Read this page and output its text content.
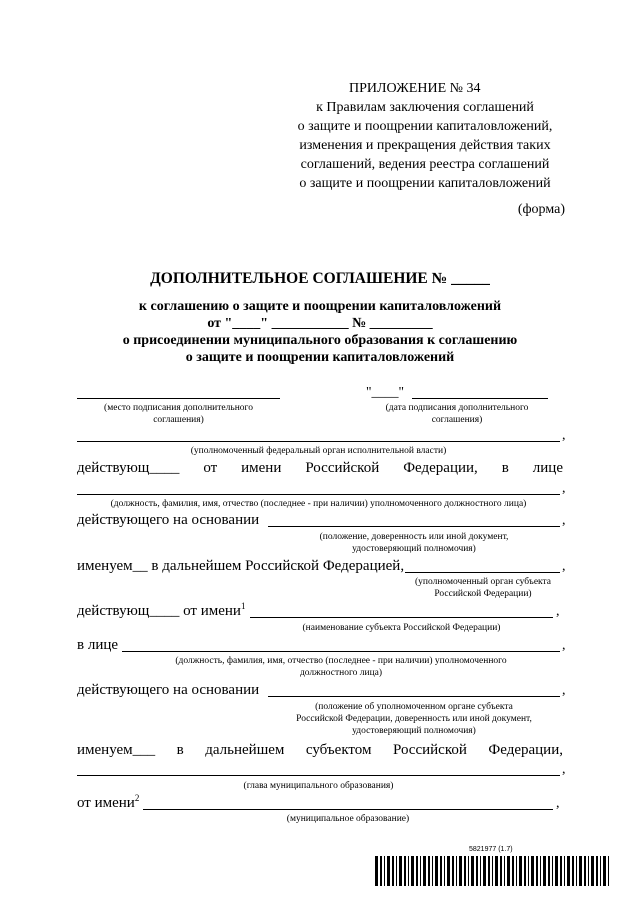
ПРИЛОЖЕНИЕ № 34
к Правилам заключения соглашений
о защите и поощрении капиталовложений,
изменения и прекращения действия таких
соглашений, ведения реестра соглашений
о защите и поощрении капиталовложений
(форма)
ДОПОЛНИТЕЛЬНОЕ СОГЛАШЕНИЕ № _____
к соглашению о защите и поощрении капиталовложений
от "____" ___________ № _________
о присоединении муниципального образования к соглашению
о защите и поощрении капиталовложений
"____"
(место подписания дополнительного
соглашения)
(дата подписания дополнительного
соглашения)
,
(уполномоченный федеральный орган исполнительной власти)
действующ____ от имени Российской Федерации, в лице
,
(должность, фамилия, имя, отчество (последнее - при наличии) уполномоченного должностного лица)
действующего на основании	,
(положение, доверенность или иной документ,
удостоверяющий полномочия)
именуем__ в дальнейшем Российской Федерацией,	,
(уполномоченный орган субъекта
Российской Федерации)
действующ____ от имени$^1$	,
(наименование субъекта Российской Федерации)
в лице	,
(должность, фамилия, имя, отчество (последнее - при наличии) уполномоченного
должностного лица)
действующего на основании	,
(положение об уполномоченном органе субъекта
Российской Федерации, доверенность или иной документ,
удостоверяющий полномочия)
именуем___ в дальнейшем субъектом Российской Федерации,
,
(глава муниципального образования)
от имени$^2$	,
(муниципальное образование)
5821977 (1.7)
